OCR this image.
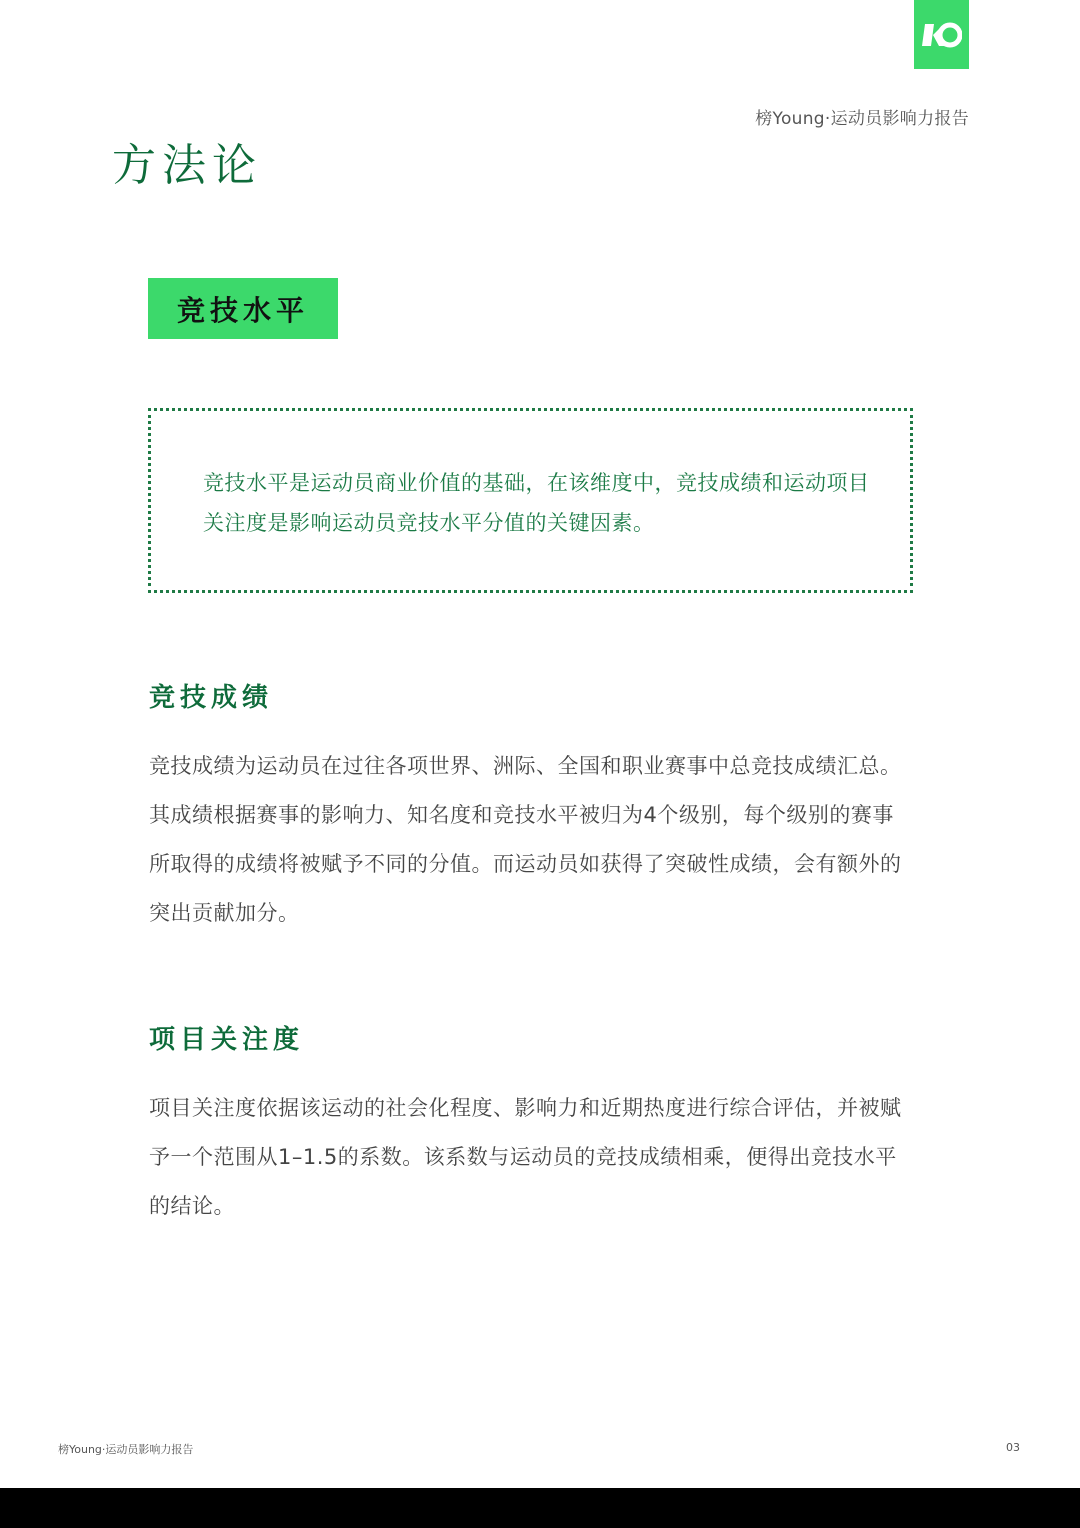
榜Young·运动员影响力报告
方法论
竞技水平

竞技水平是运动员商业价值的基础，在该维度中，竞技成绩和运动项目关注度是影响运动员竞技水平分值的关键因素。

竞技成绩

竞技成绩为运动员在过往各项世界、洲际、全国和职业赛事中总竞技成绩汇总。其成绩根据赛事的影响力、知名度和竞技水平被归为4个级别，每个级别的赛事所取得的成绩将被赋予不同的分值。而运动员如获得了突破性成绩，会有额外的突出贡献加分。

项目关注度

项目关注度依据该运动的社会化程度、影响力和近期热度进行综合评估，并被赋予一个范围从1–1.5的系数。该系数与运动员的竞技成绩相乘，便得出竞技水平的结论。

榜Young·运动员影响力报告	03
